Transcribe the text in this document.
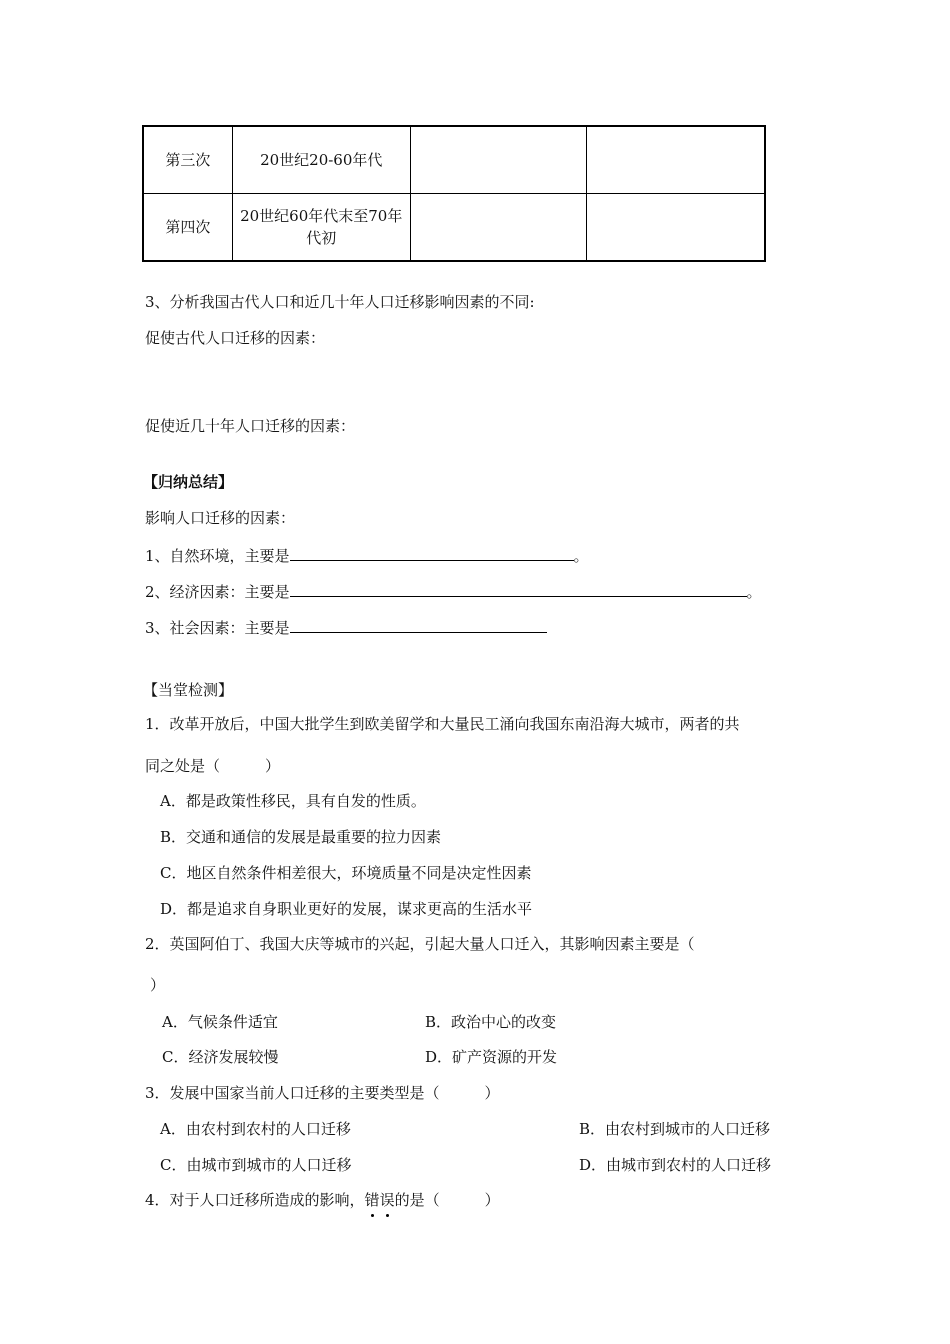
第三次	20世纪20-60年代		
第四次	20世纪60年代末至70年代初		
3、分析我国古代人口和近几十年人口迁移影响因素的不同:
促使古代人口迁移的因素：
促使近几十年人口迁移的因素：
【归纳总结】
影响人口迁移的因素：
1、自然环境，主要是	。
2、经济因素：主要是	。
3、社会因素：主要是
【当堂检测】
1．改革开放后，中国大批学生到欧美留学和大量民工涌向我国东南沿海大城市，两者的共
同之处是（　　　）
A．都是政策性移民，具有自发的性质。
B．交通和通信的发展是最重要的拉力因素
C．地区自然条件相差很大，环境质量不同是决定性因素
D．都是追求自身职业更好的发展，谋求更高的生活水平
2．英国阿伯丁、我国大庆等城市的兴起，引起大量人口迁入，其影响因素主要是（
）
A．气候条件适宜	B．政治中心的改变
C．经济发展较慢	D．矿产资源的开发
3．发展中国家当前人口迁移的主要类型是（　　　）
A．由农村到农村的人口迁移	B．由农村到城市的人口迁移
C．由城市到城市的人口迁移	D．由城市到农村的人口迁移
4．对于人口迁移所造成的影响，错误的是（　　　）
